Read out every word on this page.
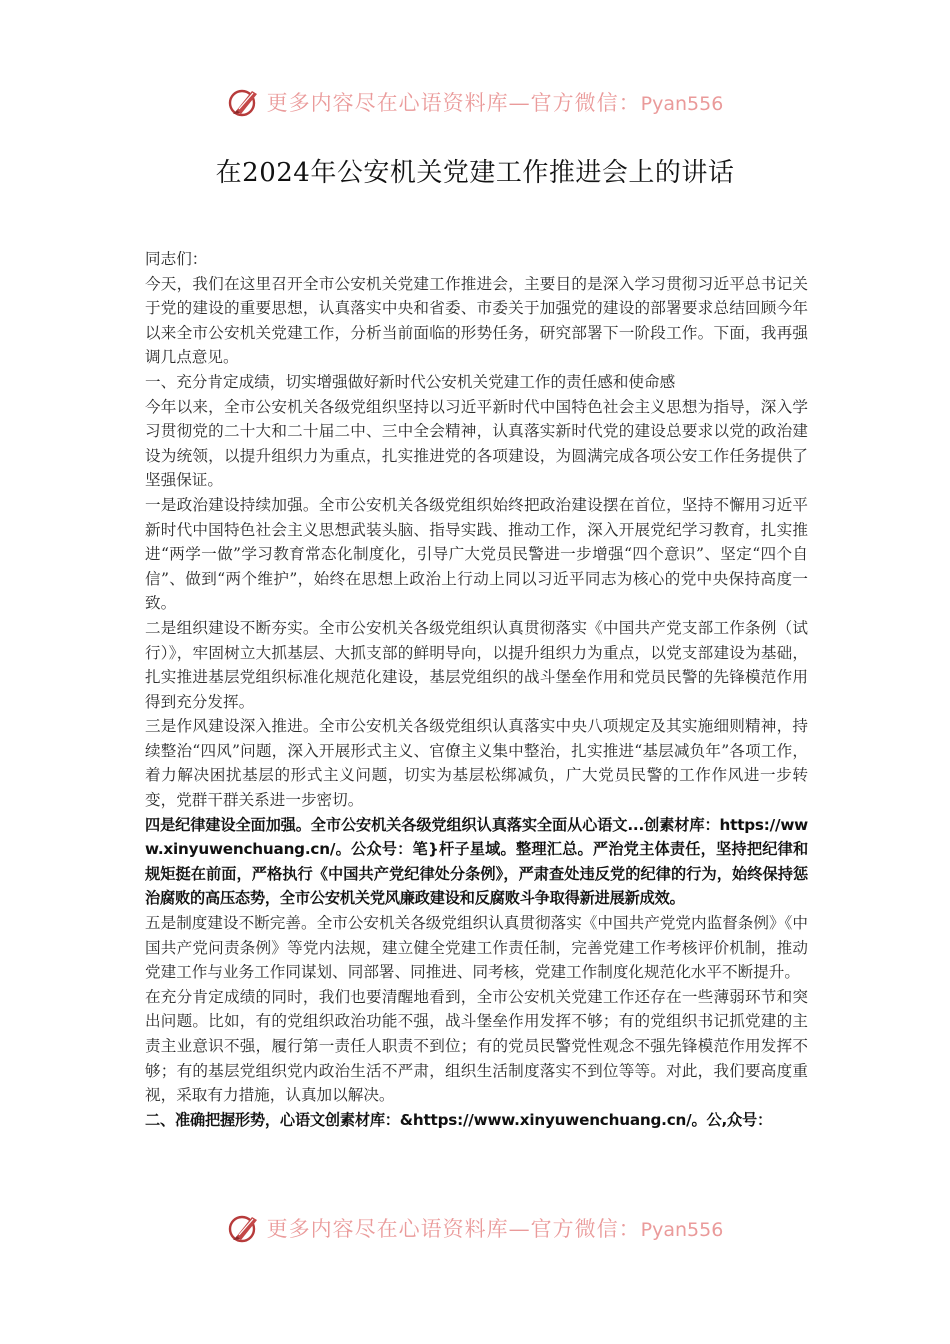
更多内容尽在心语资料库—官方微信：Pyan556
在2024年公安机关党建工作推进会上的讲话

同志们：

今天，我们在这里召开全市公安机关党建工作推进会，主要目的是深入学习贯彻习近平总书记关于党的建设的重要思想，认真落实中央和省委、市委关于加强党的建设的部署要求总结回顾今年以来全市公安机关党建工作，分析当前面临的形势任务，研究部署下一阶段工作。下面，我再强调几点意见。

一、充分肯定成绩，切实增强做好新时代公安机关党建工作的责任感和使命感

今年以来，全市公安机关各级党组织坚持以习近平新时代中国特色社会主义思想为指导，深入学习贯彻党的二十大和二十届二中、三中全会精神，认真落实新时代党的建设总要求以党的政治建设为统领，以提升组织力为重点，扎实推进党的各项建设，为圆满完成各项公安工作任务提供了坚强保证。

一是政治建设持续加强。全市公安机关各级党组织始终把政治建设摆在首位，坚持不懈用习近平新时代中国特色社会主义思想武装头脑、指导实践、推动工作，深入开展党纪学习教育，扎实推进“两学一做”学习教育常态化制度化，引导广大党员民警进一步增强“四个意识”、坚定“四个自信”、做到“两个维护”，始终在思想上政治上行动上同以习近平同志为核心的党中央保持高度一致。

二是组织建设不断夯实。全市公安机关各级党组织认真贯彻落实《中国共产党支部工作条例（试行）》，牢固树立大抓基层、大抓支部的鲜明导向，以提升组织力为重点，以党支部建设为基础，扎实推进基层党组织标准化规范化建设，基层党组织的战斗堡垒作用和党员民警的先锋模范作用得到充分发挥。

三是作风建设深入推进。全市公安机关各级党组织认真落实中央八项规定及其实施细则精神，持续整治“四风”问题，深入开展形式主义、官僚主义集中整治，扎实推进“基层减负年”各项工作，着力解决困扰基层的形式主义问题，切实为基层松绑减负，广大党员民警的工作作风进一步转变，党群干群关系进一步密切。

四是纪律建设全面加强。全市公安机关各级党组织认真落实全面从心语文...创素材库：https://www.xinyuwenchuang.cn/。公众号：笔}杆子星域。整理汇总。严治党主体责任，坚持把纪律和规矩挺在前面，严格执行《中国共产党纪律处分条例》，严肃查处违反党的纪律的行为，始终保持惩治腐败的高压态势，全市公安机关党风廉政建设和反腐败斗争取得新进展新成效。

五是制度建设不断完善。全市公安机关各级党组织认真贯彻落实《中国共产党党内监督条例》《中国共产党问责条例》等党内法规，建立健全党建工作责任制，完善党建工作考核评价机制，推动党建工作与业务工作同谋划、同部署、同推进、同考核，党建工作制度化规范化水平不断提升。

在充分肯定成绩的同时，我们也要清醒地看到，全市公安机关党建工作还存在一些薄弱环节和突出问题。比如，有的党组织政治功能不强，战斗堡垒作用发挥不够；有的党组织书记抓党建的主责主业意识不强，履行第一责任人职责不到位；有的党员民警党性观念不强先锋模范作用发挥不够；有的基层党组织党内政治生活不严肃，组织生活制度落实不到位等等。对此，我们要高度重视，采取有力措施，认真加以解决。

二、准确把握形势，心语文创素材库：&https://www.xinyuwenchuang.cn/。公,众号：

更多内容尽在心语资料库—官方微信：Pyan556
